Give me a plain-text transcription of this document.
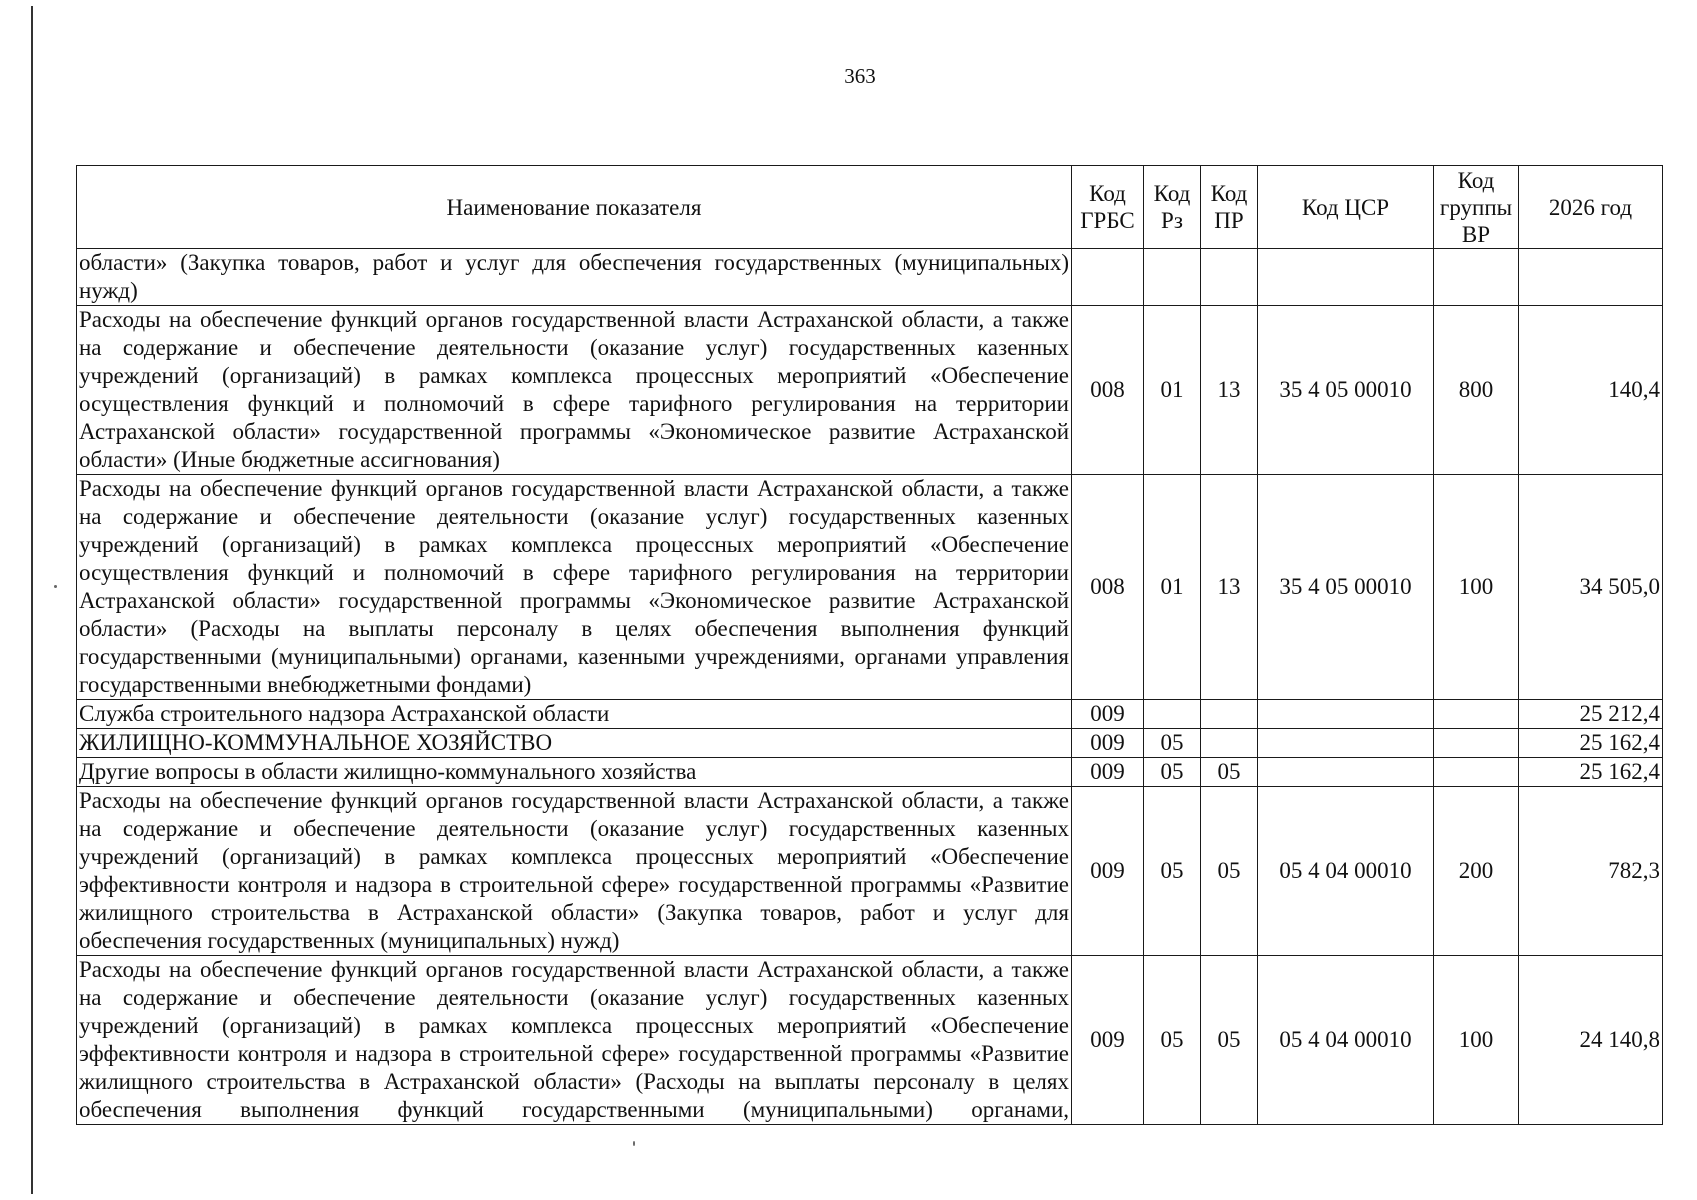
363
Наименование показателя	Код ГРБС	Код Рз	Код ПР	Код ЦСР	Код группы ВР	2026 год
области» (Закупка товаров, работ и услуг для обеспечения государственных (муниципальных) нужд)						
Расходы на обеспечение функций органов государственной власти Астраханской области, а также на содержание и обеспечение деятельности (оказание услуг) государственных казенных учреждений (организаций) в рамках комплекса процессных мероприятий «Обеспечение осуществления функций и полномочий в сфере тарифного регулирования на территории Астраханской области» государственной программы «Экономическое развитие Астраханской области» (Иные бюджетные ассигнования)	008	01	13	35 4 05 00010	800	140,4
Расходы на обеспечение функций органов государственной власти Астраханской области, а также на содержание и обеспечение деятельности (оказание услуг) государственных казенных учреждений (организаций) в рамках комплекса процессных мероприятий «Обеспечение осуществления функций и полномочий в сфере тарифного регулирования на территории Астраханской области» государственной программы «Экономическое развитие Астраханской области» (Расходы на выплаты персоналу в целях обеспечения выполнения функций государственными (муниципальными) органами, казенными учреждениями, органами управления государственными внебюджетными фондами)	008	01	13	35 4 05 00010	100	34 505,0
Служба строительного надзора Астраханской области	009					25 212,4
ЖИЛИЩНО-КОММУНАЛЬНОЕ ХОЗЯЙСТВО	009	05				25 162,4
Другие вопросы в области жилищно-коммунального хозяйства	009	05	05			25 162,4
Расходы на обеспечение функций органов государственной власти Астраханской области, а также на содержание и обеспечение деятельности (оказание услуг) государственных казенных учреждений (организаций) в рамках комплекса процессных мероприятий «Обеспечение эффективности контроля и надзора в строительной сфере» государственной программы «Развитие жилищного строительства в Астраханской области» (Закупка товаров, работ и услуг для обеспечения государственных (муниципальных) нужд)	009	05	05	05 4 04 00010	200	782,3
Расходы на обеспечение функций органов государственной власти Астраханской области, а также на содержание и обеспечение деятельности (оказание услуг) государственных казенных учреждений (организаций) в рамках комплекса процессных мероприятий «Обеспечение эффективности контроля и надзора в строительной сфере» государственной программы «Развитие жилищного строительства в Астраханской области» (Расходы на выплаты персоналу в целях обеспечения выполнения функций государственными (муниципальными) органами,	009	05	05	05 4 04 00010	100	24 140,8
